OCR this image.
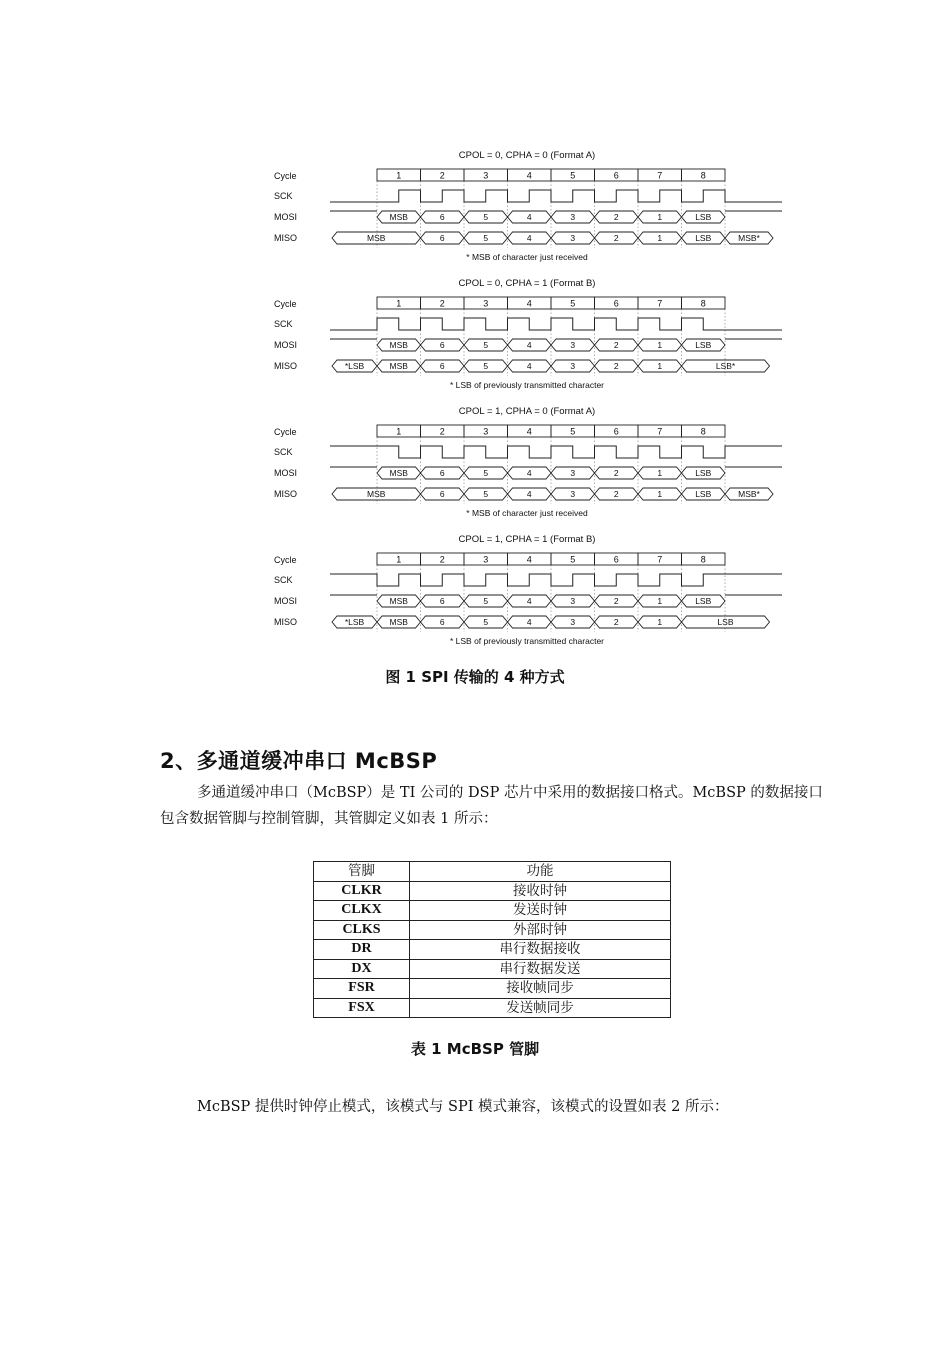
CPOL = 0, CPHA = 0 (Format A)
Cycle
SCK
MOSI
MISO
1	2	3	4	5	6	7	8
MSB	6	5	4	3	2	1	LSB
MSB	6	5	4	3	2	1	LSB	MSB*
* MSB of character just received
CPOL = 0, CPHA = 1 (Format B)
Cycle
SCK
MOSI
MISO
1	2	3	4	5	6	7	8
MSB	6	5	4	3	2	1	LSB
*LSB	MSB	6	5	4	3	2	1	LSB*
* LSB of previously transmitted character
CPOL = 1, CPHA = 0 (Format A)
Cycle
SCK
MOSI
MISO
1	2	3	4	5	6	7	8
MSB	6	5	4	3	2	1	LSB
MSB	6	5	4	3	2	1	LSB	MSB*
* MSB of character just received
CPOL = 1, CPHA = 1 (Format B)
Cycle
SCK
MOSI
MISO
1	2	3	4	5	6	7	8
MSB	6	5	4	3	2	1	LSB
*LSB	MSB	6	5	4	3	2	1	LSB
* LSB of previously transmitted character
图 1 SPI 传输的 4 种方式
2、多通道缓冲串口 McBSP
多通道缓冲串口（McBSP）是 TI 公司的 DSP 芯片中采用的数据接口格式。McBSP 的数据接口包含数据管脚与控制管脚，其管脚定义如表 1 所示：
管脚	功能
CLKR	接收时钟
CLKX	发送时钟
CLKS	外部时钟
DR	串行数据接收
DX	串行数据发送
FSR	接收帧同步
FSX	发送帧同步
表 1 McBSP 管脚
McBSP 提供时钟停止模式，该模式与 SPI 模式兼容，该模式的设置如表 2 所示：
